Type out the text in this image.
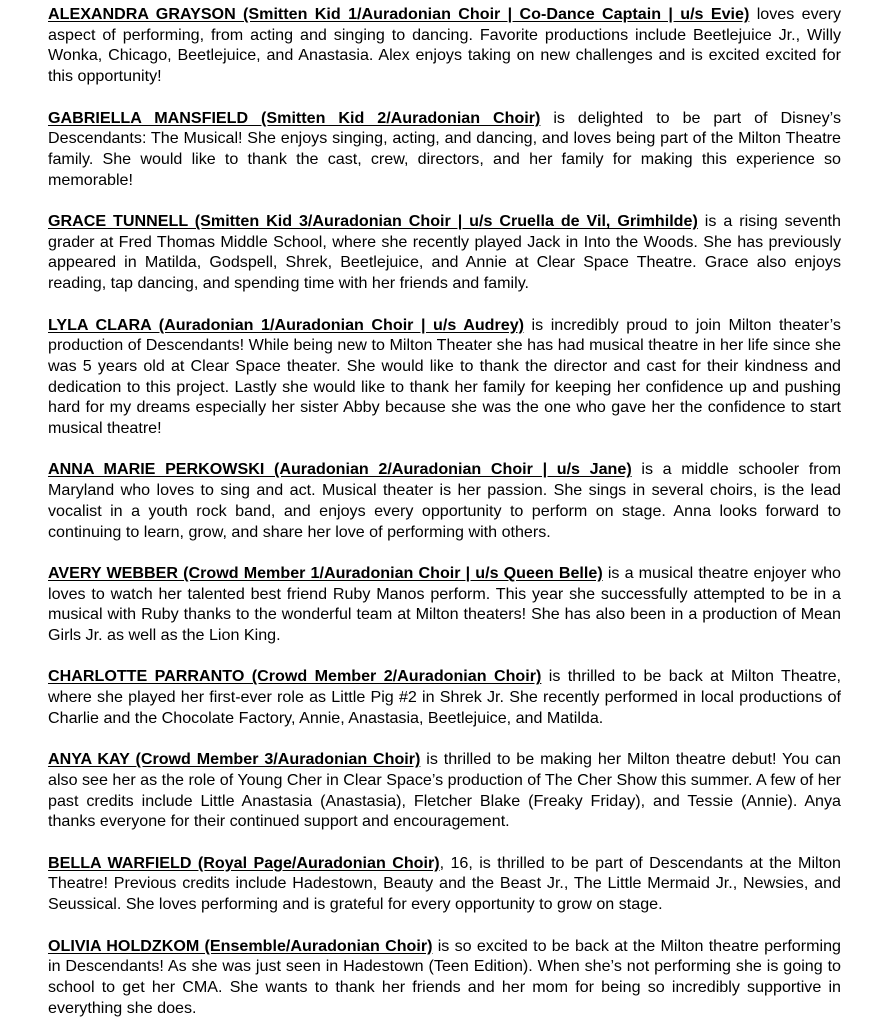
ALEXANDRA GRAYSON (Smitten Kid 1/Auradonian Choir | Co-Dance Captain | u/s Evie) loves every aspect of performing, from acting and singing to dancing. Favorite productions include Beetlejuice Jr., Willy Wonka, Chicago, Beetlejuice, and Anastasia. Alex enjoys taking on new challenges and is excited excited for this opportunity!

GABRIELLA MANSFIELD (Smitten Kid 2/Auradonian Choir) is delighted to be part of Disney’s Descendants: The Musical! She enjoys singing, acting, and dancing, and loves being part of the Milton Theatre family. She would like to thank the cast, crew, directors, and her family for making this experience so memorable!

GRACE TUNNELL (Smitten Kid 3/Auradonian Choir | u/s Cruella de Vil, Grimhilde) is a rising seventh grader at Fred Thomas Middle School, where she recently played Jack in Into the Woods. She has previously appeared in Matilda, Godspell, Shrek, Beetlejuice, and Annie at Clear Space Theatre. Grace also enjoys reading, tap dancing, and spending time with her friends and family.

LYLA CLARA (Auradonian 1/Auradonian Choir | u/s Audrey) is incredibly proud to join Milton theater’s production of Descendants! While being new to Milton Theater she has had musical theatre in her life since she was 5 years old at Clear Space theater. She would like to thank the director and cast for their kindness and dedication to this project. Lastly she would like to thank her family for keeping her confidence up and pushing hard for my dreams especially her sister Abby because she was the one who gave her the confidence to start musical theatre!

ANNA MARIE PERKOWSKI (Auradonian 2/Auradonian Choir | u/s Jane) is a middle schooler from Maryland who loves to sing and act. Musical theater is her passion. She sings in several choirs, is the lead vocalist in a youth rock band, and enjoys every opportunity to perform on stage. Anna looks forward to continuing to learn, grow, and share her love of performing with others.

AVERY WEBBER (Crowd Member 1/Auradonian Choir | u/s Queen Belle) is a musical theatre enjoyer who loves to watch her talented best friend Ruby Manos perform. This year she successfully attempted to be in a musical with Ruby thanks to the wonderful team at Milton theaters! She has also been in a production of Mean Girls Jr. as well as the Lion King.

CHARLOTTE PARRANTO (Crowd Member 2/Auradonian Choir) is thrilled to be back at Milton Theatre, where she played her first-ever role as Little Pig #2 in Shrek Jr. She recently performed in local productions of Charlie and the Chocolate Factory, Annie, Anastasia, Beetlejuice, and Matilda.

ANYA KAY (Crowd Member 3/Auradonian Choir) is thrilled to be making her Milton theatre debut! You can also see her as the role of Young Cher in Clear Space’s production of The Cher Show this summer. A few of her past credits include Little Anastasia (Anastasia), Fletcher Blake (Freaky Friday), and Tessie (Annie). Anya thanks everyone for their continued support and encouragement.

BELLA WARFIELD (Royal Page/Auradonian Choir), 16, is thrilled to be part of Descendants at the Milton Theatre! Previous credits include Hadestown, Beauty and the Beast Jr., The Little Mermaid Jr., Newsies, and Seussical. She loves performing and is grateful for every opportunity to grow on stage.

OLIVIA HOLDZKOM (Ensemble/Auradonian Choir) is so excited to be back at the Milton theatre performing in Descendants! As she was just seen in Hadestown (Teen Edition). When she’s not performing she is going to school to get her CMA. She wants to thank her friends and her mom for being so incredibly supportive in everything she does.
